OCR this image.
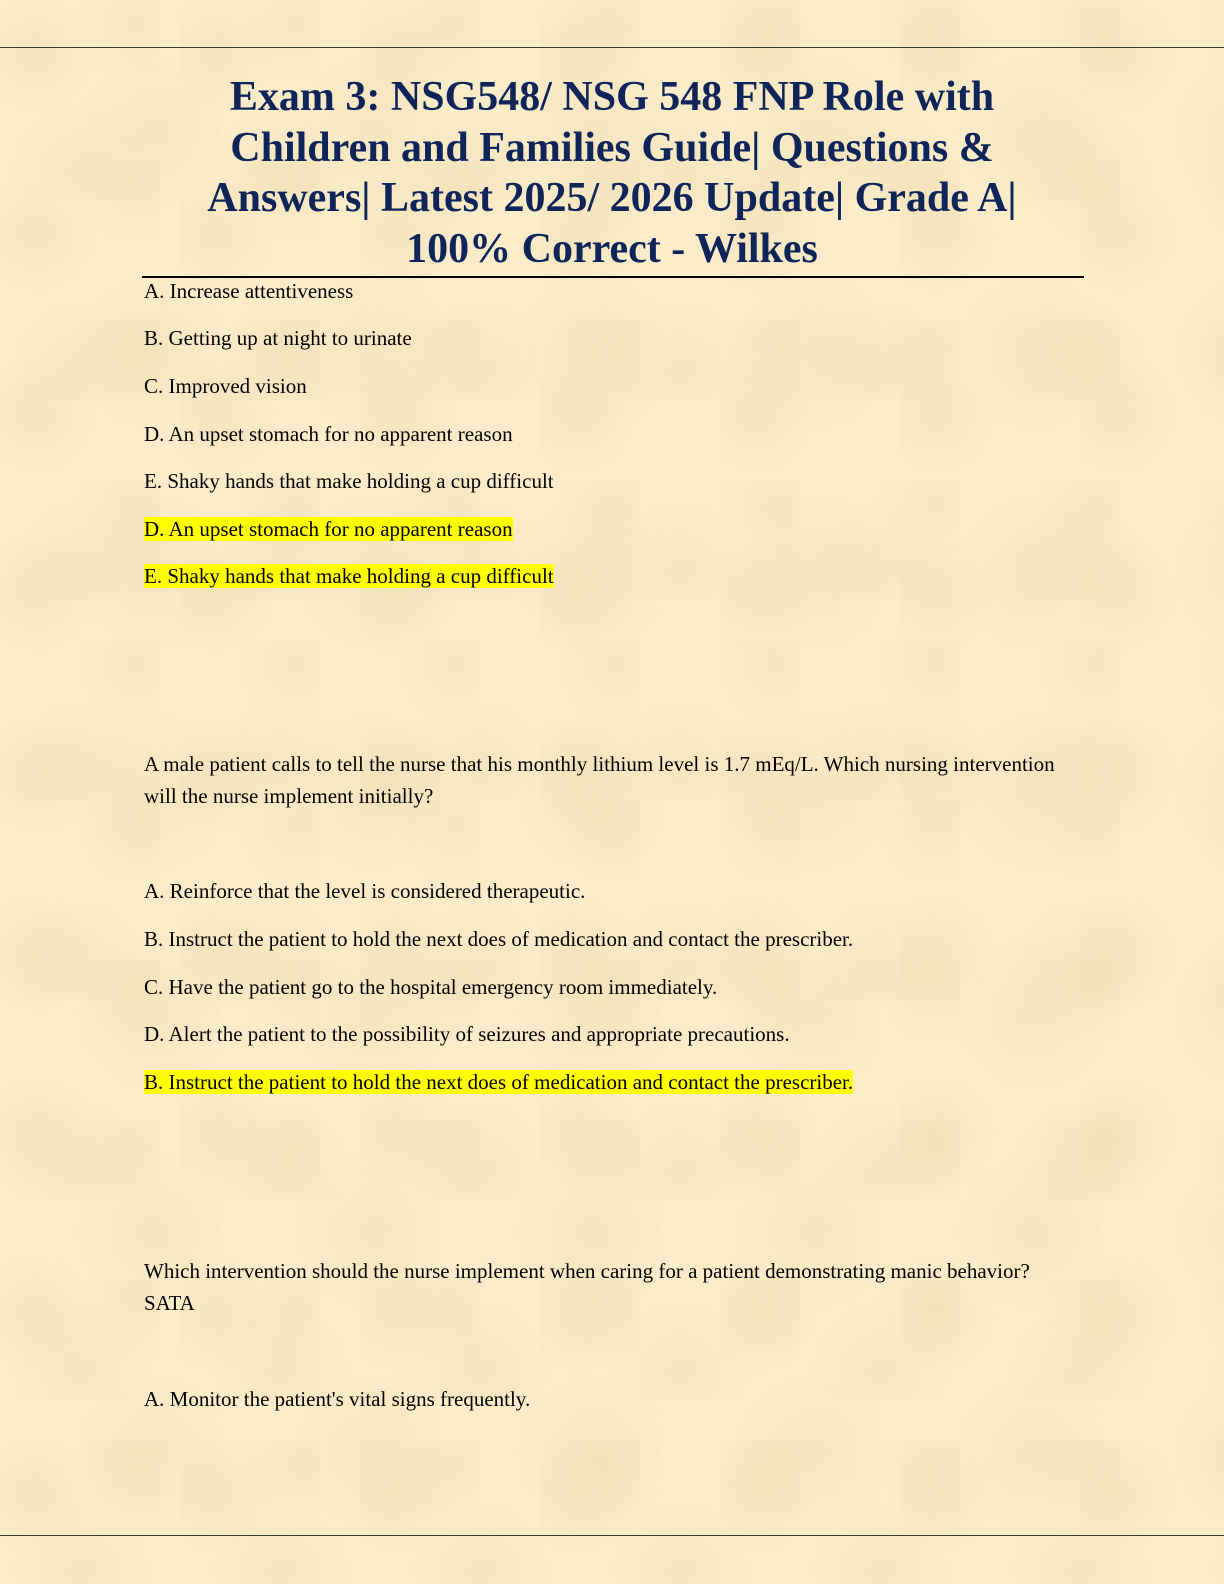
Exam 3: NSG548/ NSG 548 FNP Role with Children and Families Guide| Questions & Answers| Latest 2025/ 2026 Update| Grade A| 100% Correct - Wilkes
A. Increase attentiveness
B. Getting up at night to urinate
C. Improved vision
D. An upset stomach for no apparent reason
E. Shaky hands that make holding a cup difficult
D. An upset stomach for no apparent reason
E. Shaky hands that make holding a cup difficult

A male patient calls to tell the nurse that his monthly lithium level is 1.7 mEq/L. Which nursing intervention will the nurse implement initially?

A. Reinforce that the level is considered therapeutic.
B. Instruct the patient to hold the next does of medication and contact the prescriber.
C. Have the patient go to the hospital emergency room immediately.
D. Alert the patient to the possibility of seizures and appropriate precautions.
B. Instruct the patient to hold the next does of medication and contact the prescriber.

Which intervention should the nurse implement when caring for a patient demonstrating manic behavior? SATA

A. Monitor the patient's vital signs frequently.
